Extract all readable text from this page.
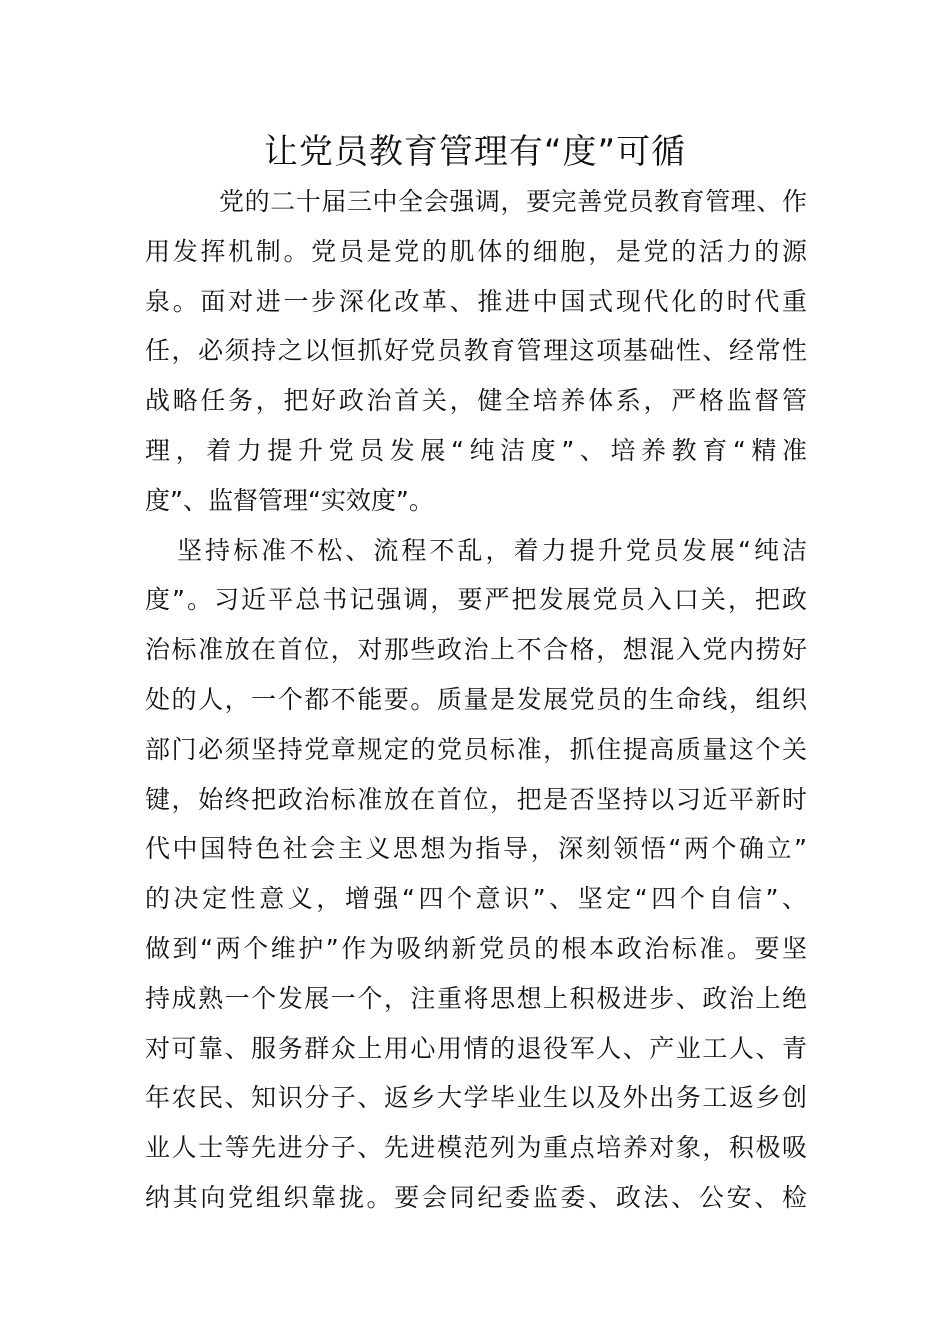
让党员教育管理有“度”可循
党的二十届三中全会强调，要完善党员教育管理、作
用发挥机制。党员是党的肌体的细胞，是党的活力的源
泉。面对进一步深化改革、推进中国式现代化的时代重
任，必须持之以恒抓好党员教育管理这项基础性、经常性
战略任务，把好政治首关，健全培养体系，严格监督管
理，着力提升党员发展“纯洁度”、培养教育“精准
度”、监督管理“实效度”。
坚持标准不松、流程不乱，着力提升党员发展“纯洁
度”。习近平总书记强调，要严把发展党员入口关，把政
治标准放在首位，对那些政治上不合格，想混入党内捞好
处的人，一个都不能要。质量是发展党员的生命线，组织
部门必须坚持党章规定的党员标准，抓住提高质量这个关
键，始终把政治标准放在首位，把是否坚持以习近平新时
代中国特色社会主义思想为指导，深刻领悟“两个确立”
的决定性意义，增强“四个意识”、坚定“四个自信”、
做到“两个维护”作为吸纳新党员的根本政治标准。要坚
持成熟一个发展一个，注重将思想上积极进步、政治上绝
对可靠、服务群众上用心用情的退役军人、产业工人、青
年农民、知识分子、返乡大学毕业生以及外出务工返乡创
业人士等先进分子、先进模范列为重点培养对象，积极吸
纳其向党组织靠拢。要会同纪委监委、政法、公安、检
